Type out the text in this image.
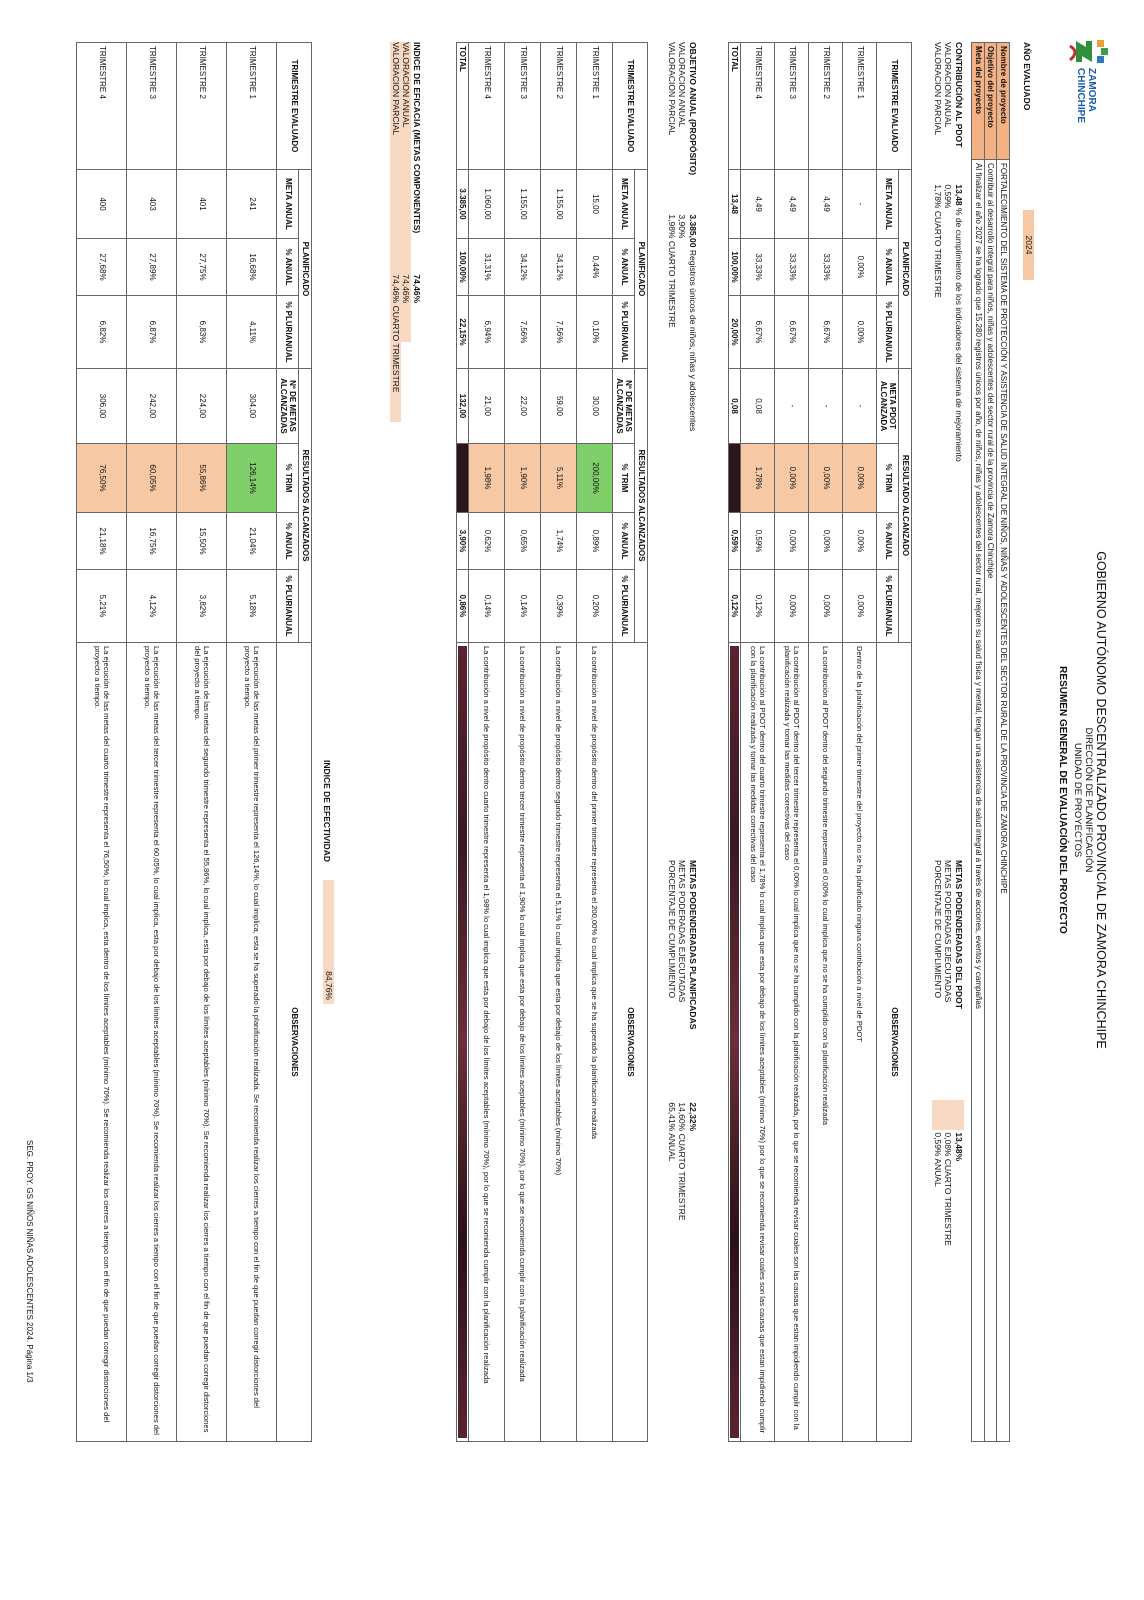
ZAMORA CHINCHIPE
GOBIERNO AUTÓNOMO DESCENTRALIZADO PROVINCIAL DE ZAMORA CHINCHIPE
DIRECCIÓN DE PLANIFICACIÓN
UNIDAD DE PROYECTOS
RESUMEN GENERAL DE EVALUACIÓN DEL PROYECTO
AÑO EVALUADO
2024
Nombre de proyecto	FORTALECIMIENTO DEL SISTEMA DE PROTECCIÓN Y ASISTENCIA DE SALUD INTEGRAL DE NIÑOS, NIÑAS Y ADOLESCENTES DEL SECTOR RURAL DE LA PROVINCIA DE ZAMORA CHINCHIPE
Objetivo del proyecto	Contribuir al desarrollo integral para niños, niñas y adolescentes del sector rural de la provincia de Zamora Chinchipe
Meta del proyecto	Al finalizar el año 2027 se ha logrado que 15.280 registros únicos por año, de niños, niñas y adolescentes del sector rural, mejoren su salud física y mental, tengan una asistencia de salud integral a través de acciones, eventos y campañas
CONTRIBUCIÓN AL PDOT 13,48 % de cumplimiento de los indicadores del sistema de mejoramiento
VALORACION ANUAL 0,59%
VALORACION PARCIAL 1,78% CUARTO TRIMESTRE
METAS PODENDERADAS DEL PDOT  13,48%
METAS PODERADAS EJECUTADAS  0,08% CUARTO TRIMESTRE
PORCENTAJE DE CUMPLIMIENTO  0,59% ANUAL
TRIMESTRE EVALUADO	PLANIFICADO			RESULTADO ALCANZADO				OBSERVACIONES
	META ANUAL	% ANUAL	% PLURIANUAL	META PDOT ALCANZADA	% TRIM	% ANUAL	% PLURIANUAL	
TRIMESTRE 1	-	0,00%	0,00%	-	0,00%	0,00%	0,00%	Dentro de la planificación del primer trimestre del proyecto no se ha planificado ninguna contribución a nivel de PDOT
TRIMESTRE 2	4,49	33,33%	6,67%	-	0,00%	0,00%	0,00%	La contribución al PDOT dentro del segundo trimestre representa el 0,00% lo cual implica que no se ha cumplido con la planificación realizada
TRIMESTRE 3	4,49	33,33%	6,67%	-	0,00%	0,00%	0,00%	La contribución al PDOT dentro del tercer trimestre representa el 0,00% lo cual implica que no se ha cumplido con la planificación realizada, por lo que se recomienda revisar cuales son las causas que estan impidiendo cumplir con la planificación realizada y tomar las medidas correctivas del caso
TRIMESTRE 4	4,49	33,33%	6,67%	0,08	1,78%	0,59%	0,12%	La contribución al PDOT dentro del cuarto trimestre representa el 1,78% lo cual implica que esta por debajo de los límites aceptables (mínimo 70%) por lo que se recomienda revisar cuales son las causas que estan impidiendo cumplir con la planificación realizada y tomar las medidas correctivas del caso
TOTAL	13,48	100,00%	20,00%	0,08		0,59%	0,12%	
OBJETIVO ANUAL (PROPÓSITO) 3.385,00 Registros únicos de niños, niñas y adolescentes
VALORACION ANUAL 3,90%
VALORACION PARCIAL 1,98% CUARTO TRIMESTRE
METAS PODENDERADAS PLANIFICADAS 22,32%
METAS PODERADAS EJECUTADAS 14,60% CUARTO TRIMESTRE
PORCENTAJE DE CUMPLIMIENTO 65,41% ANUAL
TRIMESTRE EVALUADO	PLANIFICADO			RESULTADOS ALCANZADOS				OBSERVACIONES
	META ANUAL	% ANUAL	% PLURIANUAL	Nº DE METAS ALCANZADAS	% TRIM	% ANUAL	% PLURIANUAL	
TRIMESTRE 1	15,00	0,44%	0,10%	30,00	200,00%	0,89%	0,20%	La contribución a nivel de propósito dentro del primer trimestre representa el 200,00% lo cual implica que se ha superado la planificación realizada
TRIMESTRE 2	1.155,00	34,12%	7,56%	59,00	5,11%	1,74%	0,39%	La contribución a nivel de propósito dentro segundo trimestre representa el 5,11% lo cual implica que esta por debajo de los límites aceptables (mínimo 70%)
TRIMESTRE 3	1.155,00	34,12%	7,56%	22,00	1,90%	0,65%	0,14%	La contribución a nivel de propósito dentro tercer trimestre representa el 1,90% lo cual implica que esta por debajo de los límites aceptables (mínimo 70%), por lo que se recomienda cumplir con la planificación realizada
TRIMESTRE 4	1.060,00	31,31%	6,94%	21,00	1,98%	0,62%	0,14%	La contribución a nivel de propósito dentro cuarto trimestre representa el 1,98% lo cual implica que esta por debajo de los límites aceptables (mínimo 70%), por lo que se recomienda cumplir con la planificación realizada
TOTAL	3.385,00	100,00%	22,15%	132,00		3,90%	0,86%	
INDICE DE EFICACIA (METAS COMPONENTES) 74,46%
VALORACION ANUAL 74,46%
VALORACION PARCIAL 74,46% CUARTO TRIMESTRE
INDICE DE EFECTIVIDAD
84,76%
TRIMESTRE EVALUADO	PLANIFICADO			RESULTADOS ALCANZADOS				OBSERVACIONES
	META ANUAL	% ANUAL	% PLURIANUAL	Nº DE METAS ALCANZADAS	% TRIM	% ANUAL	% PLURIANUAL	
TRIMESTRE 1	241	16,68%	4,11%	304,00	126,14%	21,04%	5,18%	La ejecución de las metas del primer trimestre representa el 126,14%, lo cual implica, esta se ha superado la planificación realizada. Se recomienda realizar los cierres a tiempo con el fin de que puedan corregir distorciones del proyecto a tiempo.
TRIMESTRE 2	401	27,75%	6,83%	224,00	55,86%	15,50%	3,82%	La ejecución de las metas del segundo trimestre representa el 55,86%, lo cual implica, esta por debajo de los límites aceptables (mínimo 70%). Se recomienda realizar los cierres a tiempo con el fin de que puedan corregir distorciones del proyecto a tiempo.
TRIMESTRE 3	403	27,89%	6,87%	242,00	60,05%	16,75%	4,12%	La ejecución de las metas del tercer trimestre representa el 60,05%, lo cual implica, esta por debajo de los límites aceptables (mínimo 70%). Se recomienda realizar los cierres a tiempo con el fin de que puedan corregir distorciones del proyecto a tiempo.
TRIMESTRE 4	400	27,68%	6,82%	306,00	76,50%	21,18%	5,21%	La ejecución de las metas del cuarto trimestre representa el 76,50%, lo cual implica, esta dentro de los límites aceptables (mínimo 70%). Se recomienda realizar los cierres a tiempo con el fin de que puedan corregir distorciones del proyecto a tiempo.
SEG. PROY. GS NIÑOS NIÑAS ADOLESCENTES 2024. Página 1/3
